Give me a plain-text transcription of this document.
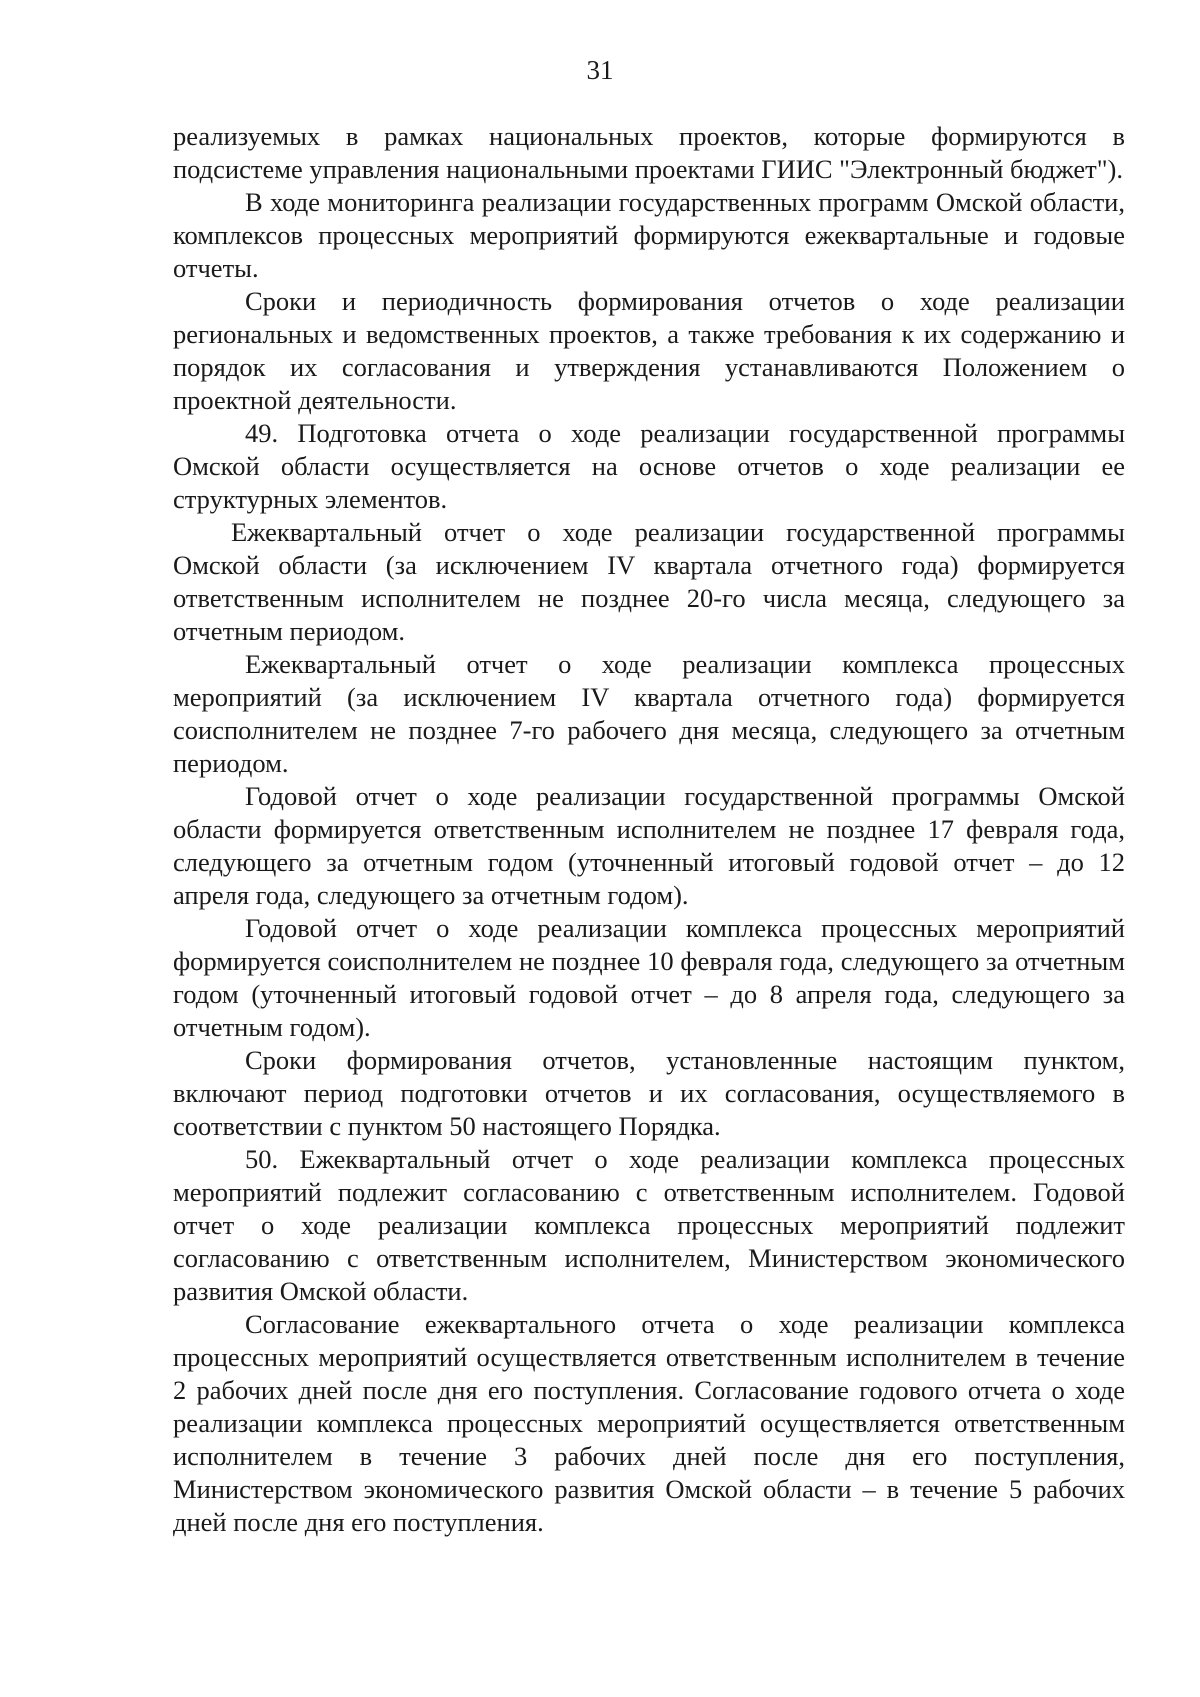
31

реализуемых в рамках национальных проектов, которые формируются в подсистеме управления национальными проектами ГИИС "Электронный бюджет").

В ходе мониторинга реализации государственных программ Омской области, комплексов процессных мероприятий формируются ежеквартальные и годовые отчеты.

Сроки и периодичность формирования отчетов о ходе реализации региональных и ведомственных проектов, а также требования к их содержанию и порядок их согласования и утверждения устанавливаются Положением о проектной деятельности.

49. Подготовка отчета о ходе реализации государственной программы Омской области осуществляется на основе отчетов о ходе реализации ее структурных элементов.

Ежеквартальный отчет о ходе реализации государственной программы Омской области (за исключением IV квартала отчетного года) формируется ответственным исполнителем не позднее 20-го числа месяца, следующего за отчетным периодом.

Ежеквартальный отчет о ходе реализации комплекса процессных мероприятий (за исключением IV квартала отчетного года) формируется соисполнителем не позднее 7-го рабочего дня месяца, следующего за отчетным периодом.

Годовой отчет о ходе реализации государственной программы Омской области формируется ответственным исполнителем не позднее 17 февраля года, следующего за отчетным годом (уточненный итоговый годовой отчет – до 12 апреля года, следующего за отчетным годом).

Годовой отчет о ходе реализации комплекса процессных мероприятий формируется соисполнителем не позднее 10 февраля года, следующего за отчетным годом (уточненный итоговый годовой отчет – до 8 апреля года, следующего за отчетным годом).

Сроки формирования отчетов, установленные настоящим пунктом, включают период подготовки отчетов и их согласования, осуществляемого в соответствии с пунктом 50 настоящего Порядка.

50. Ежеквартальный отчет о ходе реализации комплекса процессных мероприятий подлежит согласованию с ответственным исполнителем. Годовой отчет о ходе реализации комплекса процессных мероприятий подлежит согласованию с ответственным исполнителем, Министерством экономического развития Омской области.

Согласование ежеквартального отчета о ходе реализации комплекса процессных мероприятий осуществляется ответственным исполнителем в течение 2 рабочих дней после дня его поступления. Согласование годового отчета о ходе реализации комплекса процессных мероприятий осуществляется ответственным исполнителем в течение 3 рабочих дней после дня его поступления, Министерством экономического развития Омской области – в течение 5 рабочих дней после дня его поступления.
